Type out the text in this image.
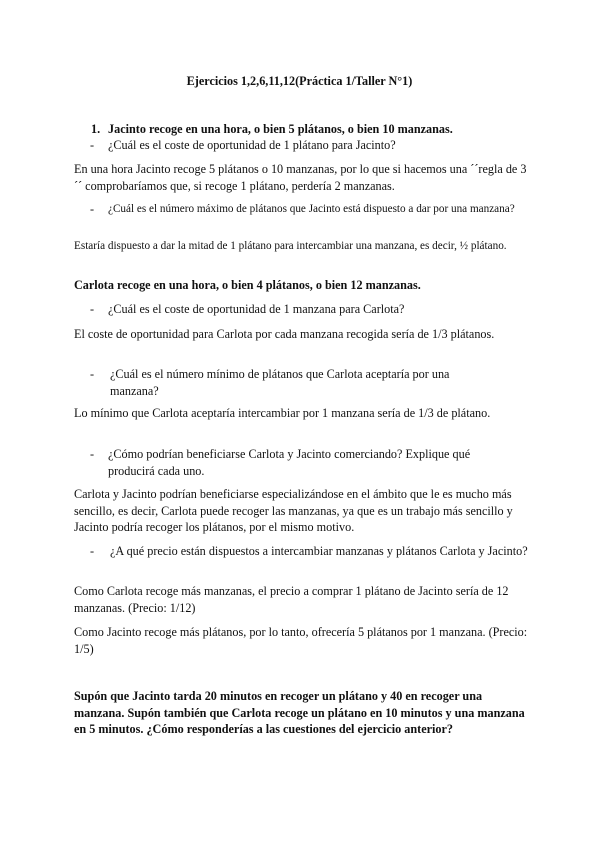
Ejercicios 1,2,6,11,12(Práctica 1/Taller N°1)
1. Jacinto recoge en una hora, o bien 5 plátanos, o bien 10 manzanas.
- ¿Cuál es el coste de oportunidad de 1 plátano para Jacinto?
En una hora Jacinto recoge 5 plátanos o 10 manzanas, por lo que si hacemos una ´´regla de 3´´ comprobaríamos que, si recoge 1 plátano, perdería 2 manzanas.
- ¿Cuál es el número máximo de plátanos que Jacinto está dispuesto a dar por una manzana?
Estaría dispuesto a dar la mitad de 1 plátano para intercambiar una manzana, es decir, ½ plátano.
Carlota recoge en una hora, o bien 4 plátanos, o bien 12 manzanas.
- ¿Cuál es el coste de oportunidad de 1 manzana para Carlota?
El coste de oportunidad para Carlota por cada manzana recogida sería de 1/3 plátanos.
- ¿Cuál es el número mínimo de plátanos que Carlota aceptaría por una manzana?
Lo mínimo que Carlota aceptaría intercambiar por 1 manzana sería de 1/3 de plátano.
- ¿Cómo podrían beneficiarse Carlota y Jacinto comerciando? Explique qué producirá cada uno.
Carlota y Jacinto podrían beneficiarse especializándose en el ámbito que le es mucho más sencillo, es decir, Carlota puede recoger las manzanas, ya que es un trabajo más sencillo y Jacinto podría recoger los plátanos, por el mismo motivo.
- ¿A qué precio están dispuestos a intercambiar manzanas y plátanos Carlota y Jacinto?
Como Carlota recoge más manzanas, el precio a comprar 1 plátano de Jacinto sería de 12 manzanas. (Precio: 1/12)
Como Jacinto recoge más plátanos, por lo tanto, ofrecería 5 plátanos por 1 manzana. (Precio: 1/5)
Supón que Jacinto tarda 20 minutos en recoger un plátano y 40 en recoger una manzana. Supón también que Carlota recoge un plátano en 10 minutos y una manzana en 5 minutos. ¿Cómo responderías a las cuestiones del ejercicio anterior?
